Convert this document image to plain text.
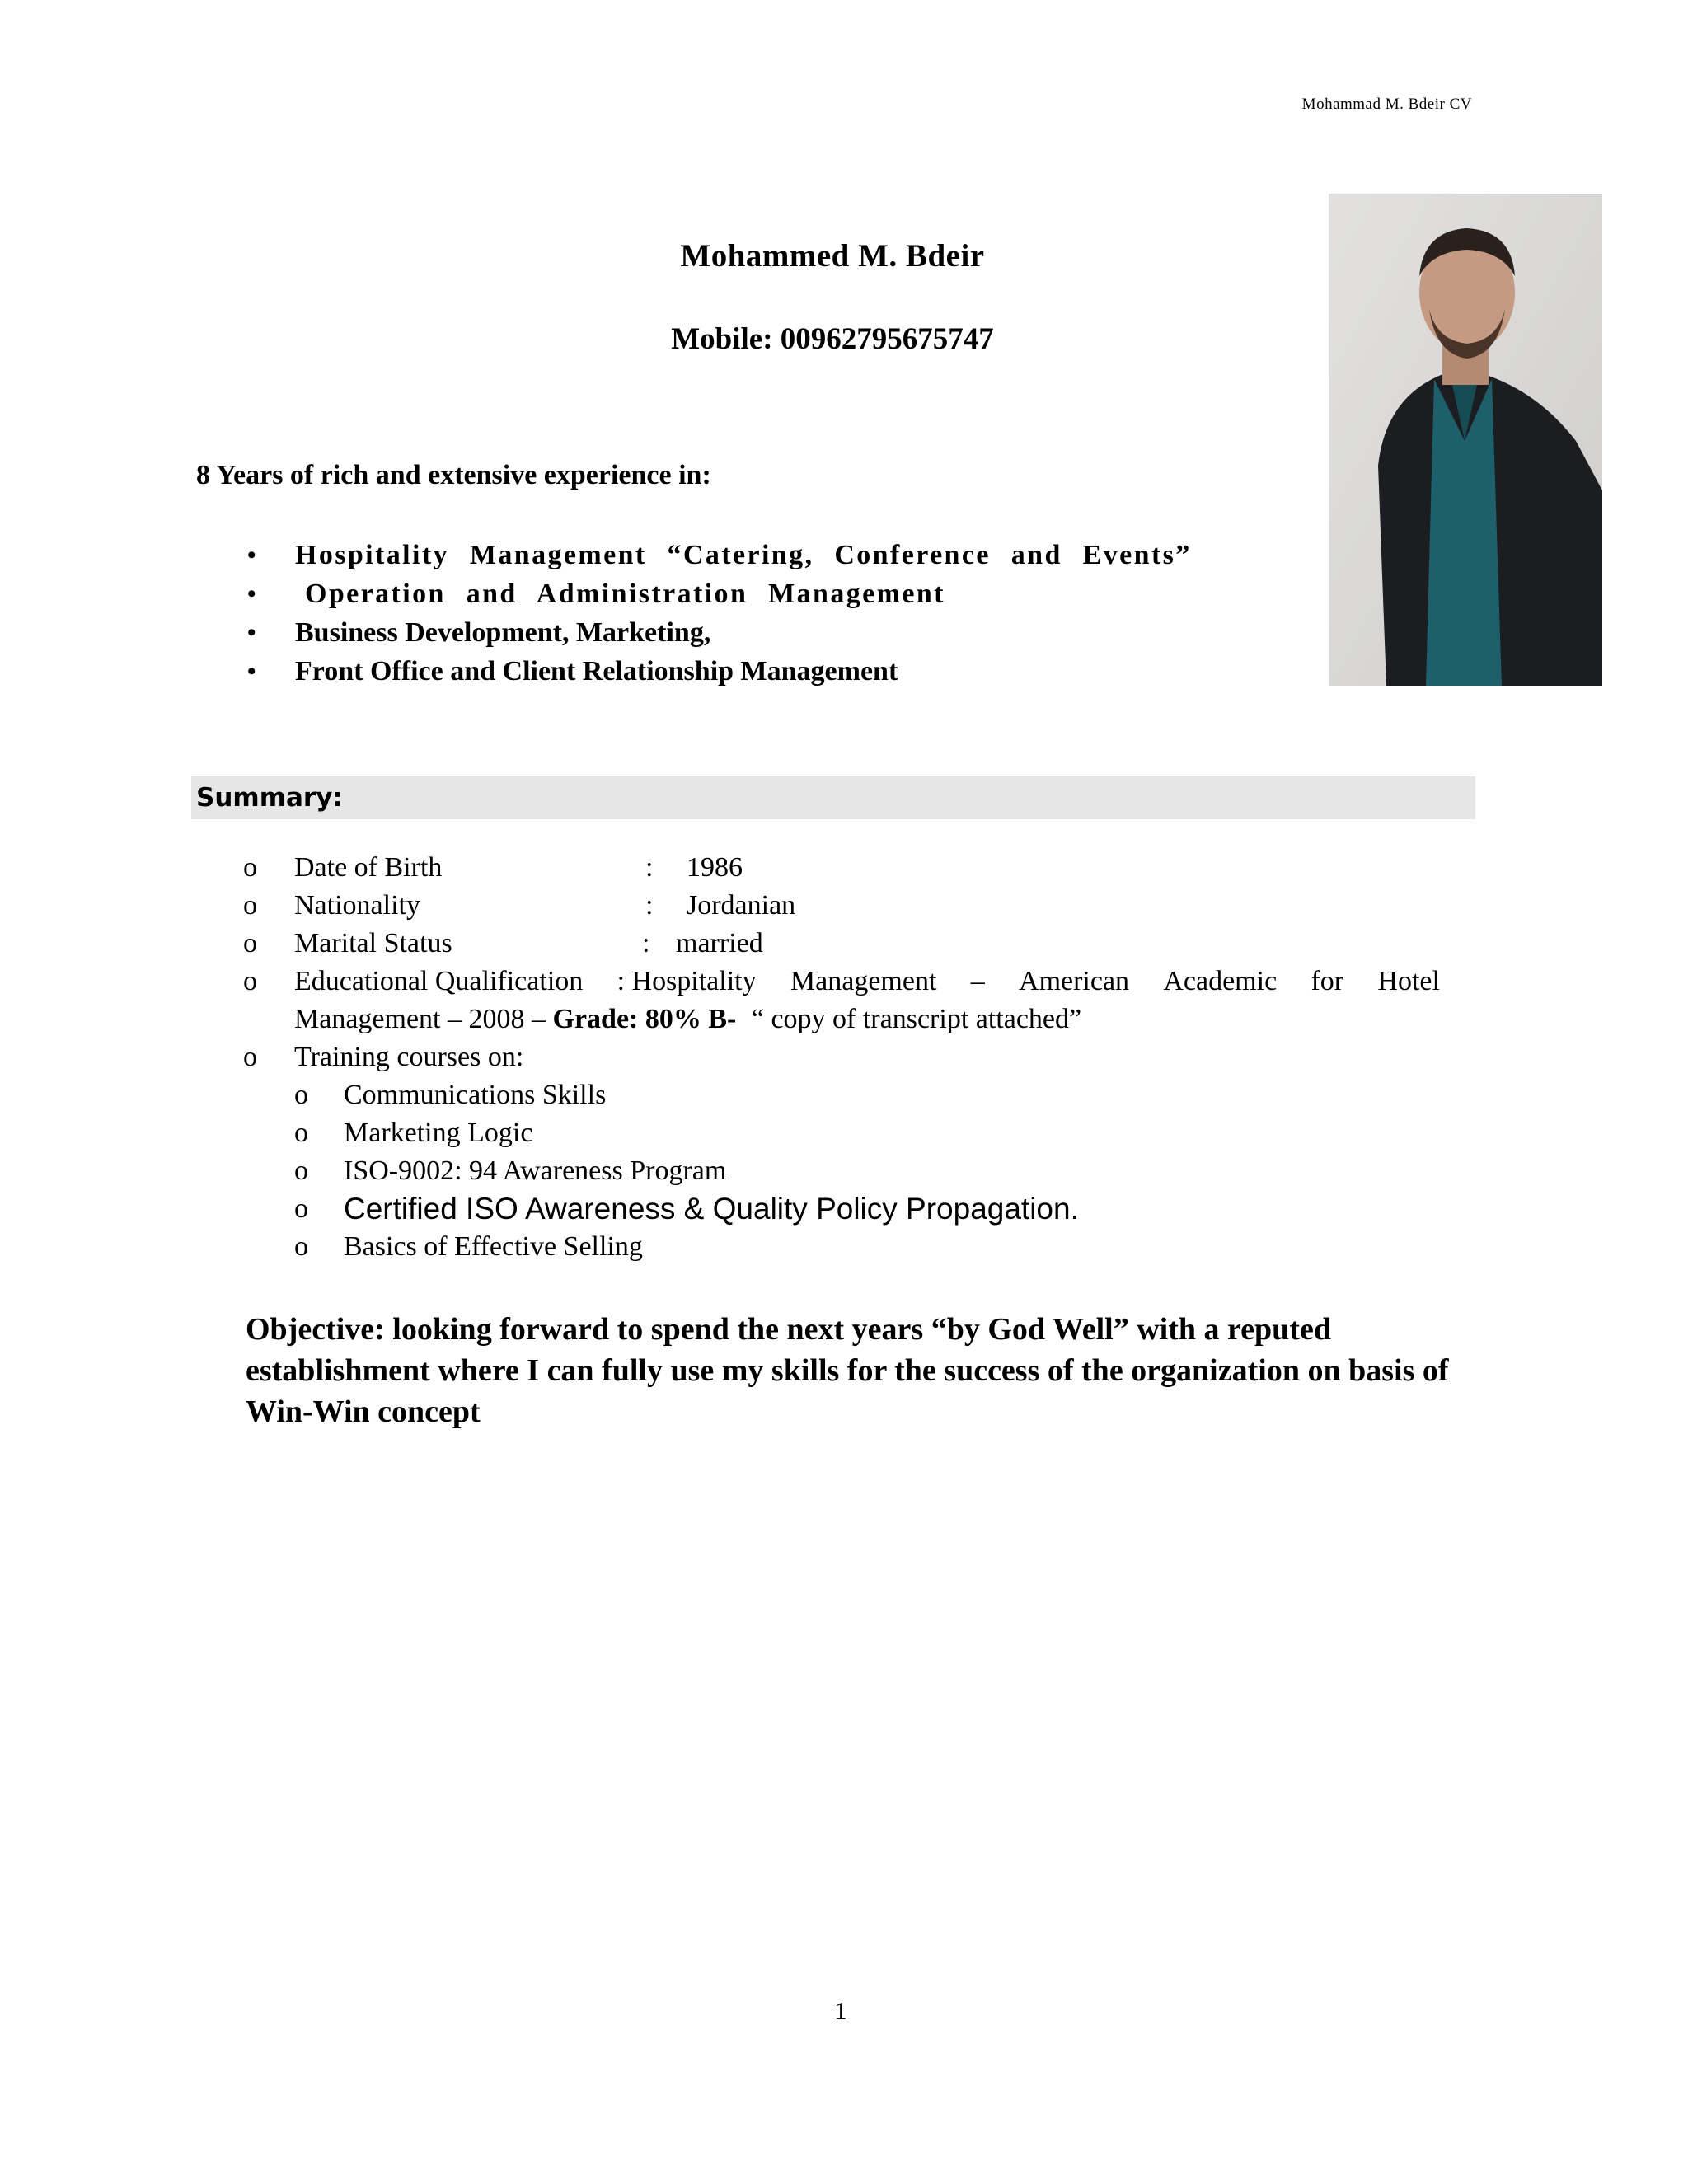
Mohammad M. Bdeir CV
Mohammed M. Bdeir
Mobile: 00962795675747
8 Years of rich and extensive experience in:
• Hospitality Management “Catering, Conference and Events”
• Operation and Administration Management
• Business Development, Marketing,
• Front Office and Client Relationship Management
Summary:
o Date of Birth	: 1986
o Nationality	: Jordanian
o Marital Status	: married
o Educational Qualification : Hospitality Management – American Academic for Hotel
Management – 2008 – Grade: 80% B- “ copy of transcript attached”
o Training courses on:
o Communications Skills
o Marketing Logic
o ISO-9002: 94 Awareness Program
o Certified ISO Awareness & Quality Policy Propagation.
o Basics of Effective Selling
Objective: looking forward to spend the next years “by God Well” with a reputed establishment where I can fully use my skills for the success of the organization on basis of Win-Win concept
1
